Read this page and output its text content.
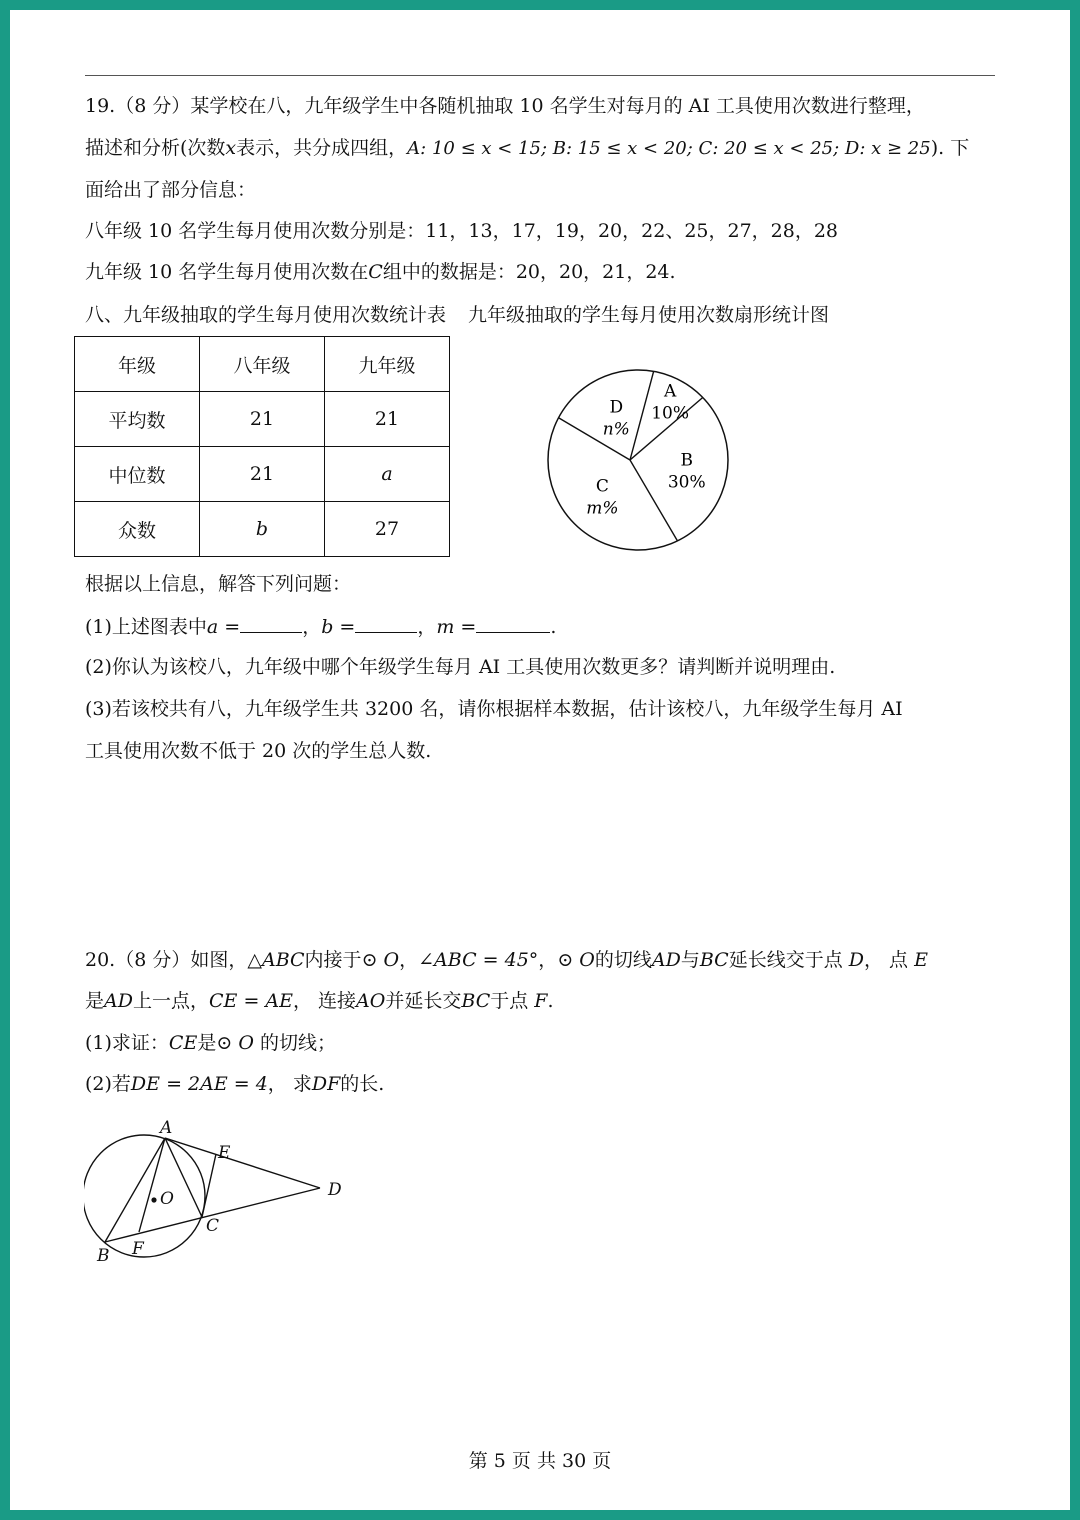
19.（8 分）某学校在八，九年级学生中各随机抽取 10 名学生对每月的 AI 工具使用次数进行整理，
描述和分析(次数x表示，共分成四组，A: 10 ≤ x < 15; B: 15 ≤ x < 20; C: 20 ≤ x < 25; D: x ≥ 25). 下
面给出了部分信息：
八年级 10 名学生每月使用次数分别是：11，13，17，19，20，22、25，27，28，28
九年级 10 名学生每月使用次数在C组中的数据是：20，20，21，24.
八、九年级抽取的学生每月使用次数统计表 九年级抽取的学生每月使用次数扇形统计图
年级	八年级	九年级
平均数	21	21
中位数	21	a
众数	b	27
A
10%
B
30%
C
m%
D
n%
根据以上信息，解答下列问题：
(1)上述图表中a =	，b =	，m =	.
(2)你认为该校八，九年级中哪个年级学生每月 AI 工具使用次数更多？请判断并说明理由.
(3)若该校共有八，九年级学生共 3200 名，请你根据样本数据，估计该校八，九年级学生每月 AI
工具使用次数不低于 20 次的学生总人数.
20.（8 分）如图，△ABC内接于⊙ O，∠ABC = 45°，⊙ O的切线AD与BC延长线交于点 D， 点 E
是AD上一点，CE = AE， 连接AO并延长交BC于点 F.
(1)求证：CE是⊙ O 的切线；
(2)若DE = 2AE = 4， 求DF的长.
A
B
C
D
E
F
O
第 5 页 共 30 页
